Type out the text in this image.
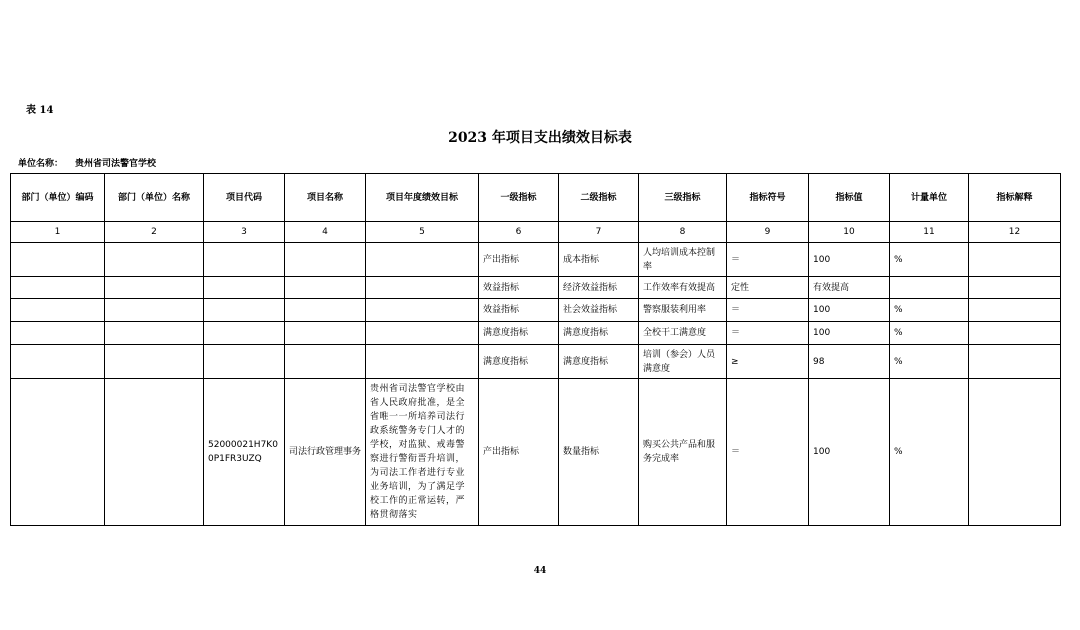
表 14
2023 年项目支出绩效目标表
单位名称： 贵州省司法警官学校
部门（单位）编码	部门（单位）名称	项目代码	项目名称	项目年度绩效目标	一级指标	二级指标	三级指标	指标符号	指标值	计量单位	指标解释
1	2	3	4	5	6	7	8	9	10	11	12
					产出指标	成本指标	人均培训成本控制率	＝	100	%	
					效益指标	经济效益指标	工作效率有效提高	定性	有效提高		
					效益指标	社会效益指标	警察服装利用率	＝	100	%	
					满意度指标	满意度指标	全校干工满意度	＝	100	%	
					满意度指标	满意度指标	培训（参会）人员满意度	≥	98	%	
		52000021H7K00P1FR3UZQ	司法行政管理事务	贵州省司法警官学校由省人民政府批准，是全省唯一一所培养司法行政系统警务专门人才的学校，对监狱、戒毒警察进行警衔晋升培训，为司法工作者进行专业业务培训，为了满足学校工作的正常运转，严格贯彻落实	产出指标	数量指标	购买公共产品和服务完成率	＝	100	%	
44
